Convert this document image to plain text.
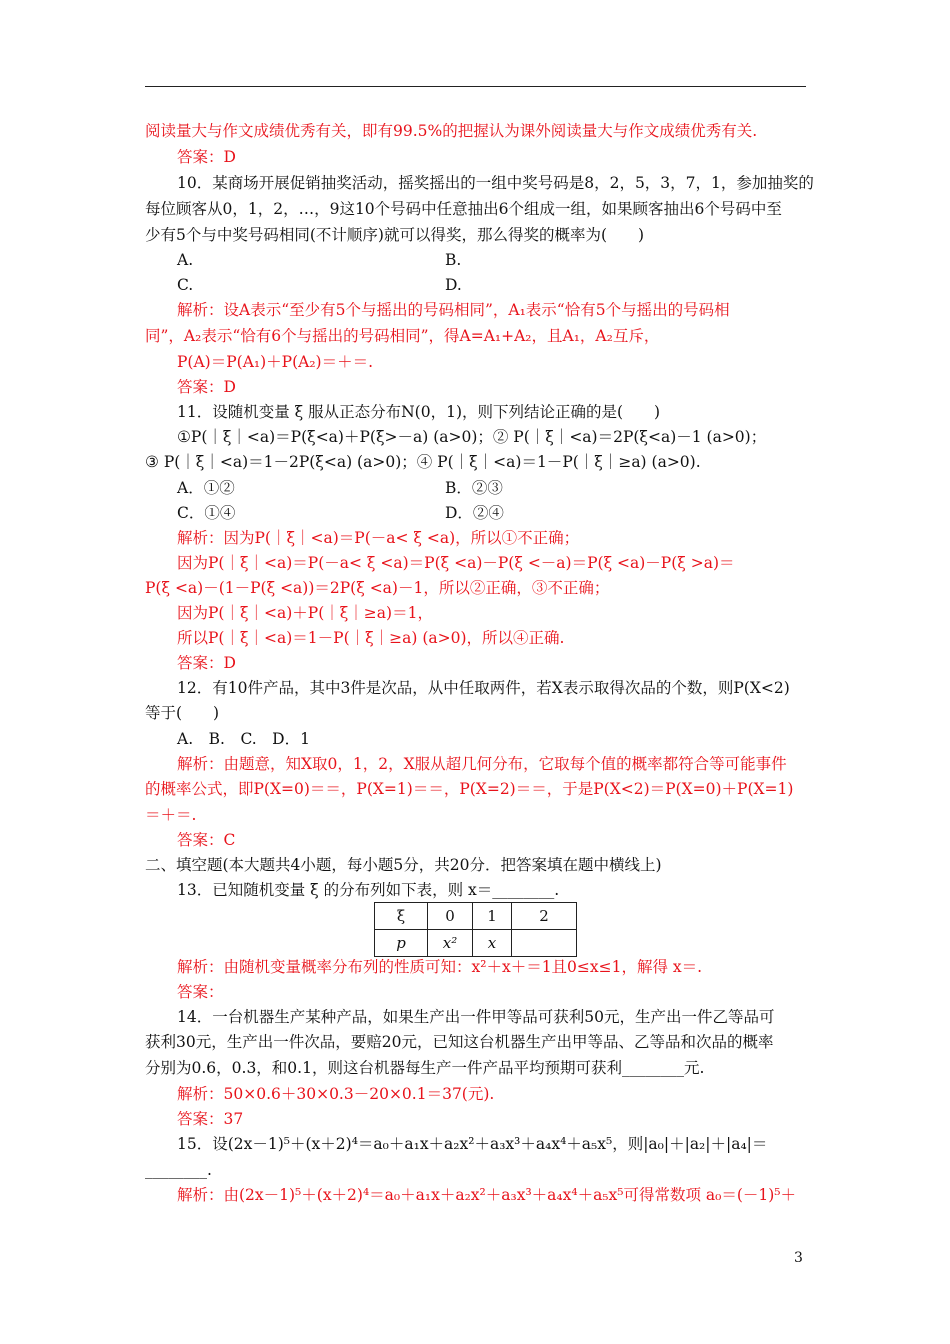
阅读量大与作文成绩优秀有关，即有99.5%的把握认为课外阅读量大与作文成绩优秀有关.
答案：D
10．某商场开展促销抽奖活动，摇奖摇出的一组中奖号码是8，2，5，3，7，1，参加抽奖的
每位顾客从0，1，2，…，9这10个号码中任意抽出6个组成一组，如果顾客抽出6个号码中至
少有5个与中奖号码相同(不计顺序)就可以得奖，那么得奖的概率为(　　)
A.	B.
C.	D.
解析：设A表示“至少有5个与摇出的号码相同”，A₁表示“恰有5个与摇出的号码相
同”，A₂表示“恰有6个与摇出的号码相同”，得A=A₁+A₂，且A₁，A₂互斥，
P(A)＝P(A₁)＋P(A₂)＝＋＝.
答案：D
11．设随机变量 ξ 服从正态分布N(0，1)，则下列结论正确的是(　　)
①P(｜ξ｜<a)＝P(ξ<a)＋P(ξ>－a) (a>0)；② P(｜ξ｜<a)＝2P(ξ<a)－1 (a>0)；
③ P(｜ξ｜<a)＝1－2P(ξ<a) (a>0)；④ P(｜ξ｜<a)＝1－P(｜ξ｜≥a) (a>0).
A．①②	B．②③
C．①④	D．②④
解析：因为P(｜ξ｜<a)＝P(－a< ξ <a)，所以①不正确；
因为P(｜ξ｜<a)＝P(－a< ξ <a)＝P(ξ <a)－P(ξ <－a)＝P(ξ <a)－P(ξ >a)＝
P(ξ <a)－(1－P(ξ <a))＝2P(ξ <a)－1，所以②正确，③不正确；
因为P(｜ξ｜<a)＋P(｜ξ｜≥a)＝1，
所以P(｜ξ｜<a)＝1－P(｜ξ｜≥a) (a>0)，所以④正确.
答案：D
12．有10件产品，其中3件是次品，从中任取两件，若X表示取得次品的个数，则P(X<2)
等于(　　)
A.　B.　C.　D．1
解析：由题意，知X取0，1，2，X服从超几何分布，它取每个值的概率都符合等可能事件
的概率公式，即P(X=0)＝＝，P(X=1)＝＝，P(X=2)＝＝，于是P(X<2)＝P(X=0)＋P(X=1)
＝＋＝.
答案：C
二、填空题(本大题共4小题，每小题5分，共20分．把答案填在题中横线上)
13．已知随机变量 ξ 的分布列如下表，则 x＝________.
ξ	0	1	2
p	x²	x	
解析：由随机变量概率分布列的性质可知：x²＋x＋＝1且0≤x≤1，解得 x＝.
答案：
14．一台机器生产某种产品，如果生产出一件甲等品可获利50元，生产出一件乙等品可
获利30元，生产出一件次品，要赔20元，已知这台机器生产出甲等品、乙等品和次品的概率
分别为0.6，0.3，和0.1，则这台机器每生产一件产品平均预期可获利________元.
解析：50×0.6＋30×0.3－20×0.1＝37(元).
答案：37
15．设(2x－1)⁵＋(x＋2)⁴＝a₀＋a₁x＋a₂x²＋a₃x³＋a₄x⁴＋a₅x⁵，则|a₀|＋|a₂|＋|a₄|＝
________.
解析：由(2x－1)⁵＋(x＋2)⁴＝a₀＋a₁x＋a₂x²＋a₃x³＋a₄x⁴＋a₅x⁵可得常数项 a₀＝(－1)⁵＋
3
